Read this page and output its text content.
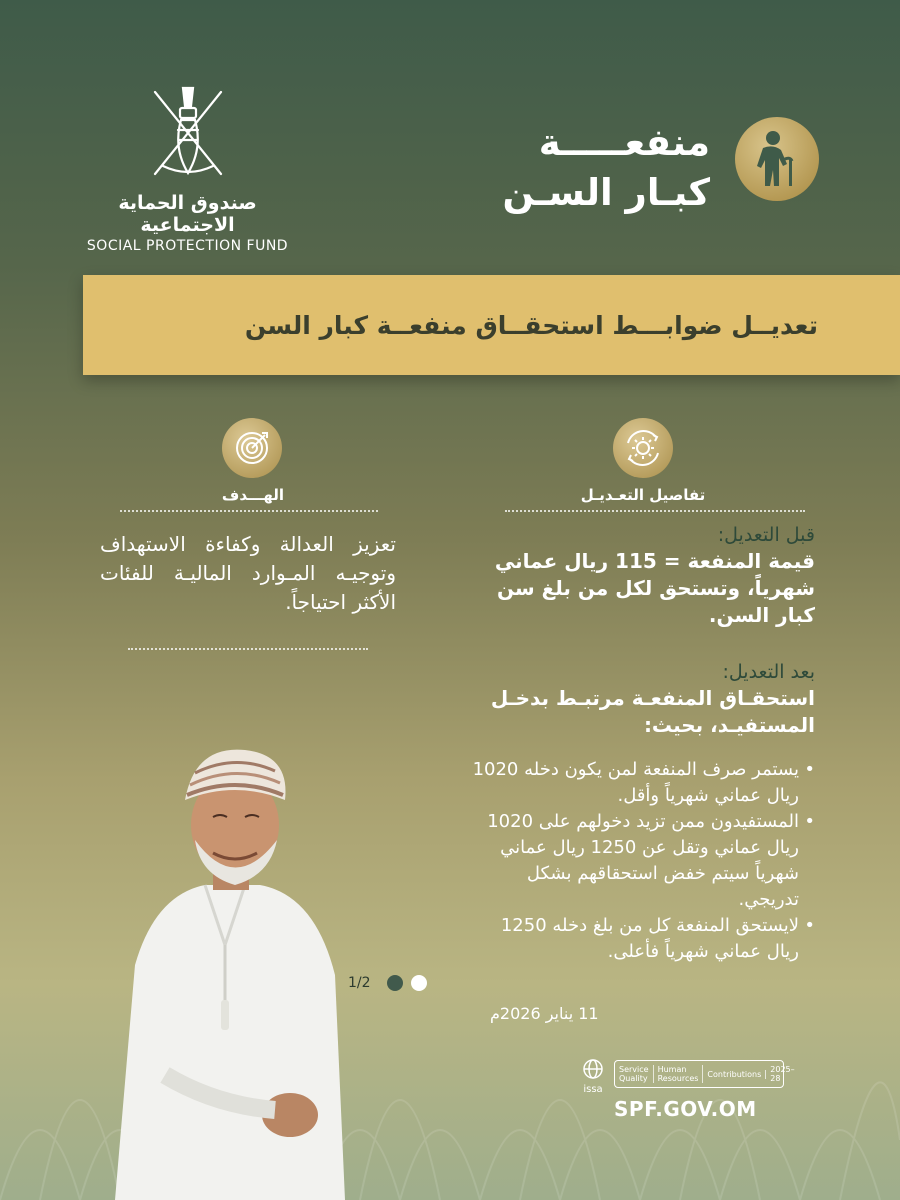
صندوق الحماية الاجتماعية
SOCIAL PROTECTION FUND
منفعـــــة
كبـار السـن
تعديــل ضوابـــط استحقــاق منفعــة كبار السن
الهـــدف
تعزيز العدالة وكفاءة الاستهداف وتوجيـه المـوارد الماليـة للفئات الأكثر احتياجاً.
تفاصيل التعـديـل
قبل التعديل:
قيمة المنفعة = 115 ريال عماني شهرياً، وتستحق لكل من بلغ سن كبار السن.
بعد التعديل:
استحقـاق المنفعـة مرتبـط بدخـل المستفيـد، بحيث:
• يستمر صرف المنفعة لمن يكون دخله 1020 ريال عماني شهرياً وأقل.
• المستفيدون ممن تزيد دخولهم على 1020 ريال عماني وتقل عن 1250 ريال عماني شهرياً سيتم خفض استحقاقهم بشكل تدريجي.
• لايستحق المنفعة كل من بلغ دخله 1250 ريال عماني شهرياً فأعلى.
1/2
11 يناير 2026م
issa
Service Quality
Human Resources	Contributions	2025–28
SPF.GOV.OM
